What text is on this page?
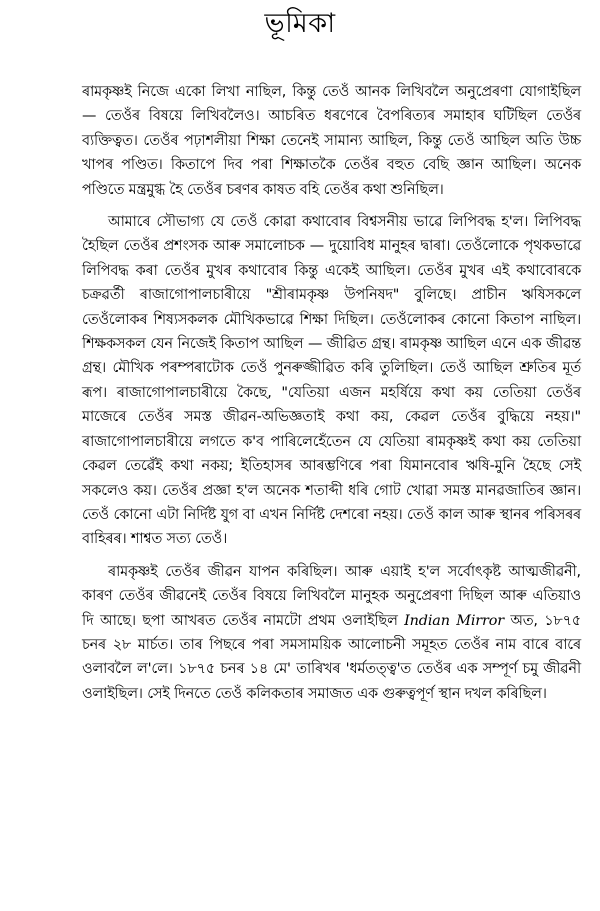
ভূমিকা

ৰামকৃষ্ণই নিজে একো লিখা নাছিল, কিন্তু তেওঁ আনক লিখিবলৈ অনুপ্ৰেৰণা যোগাইছিল — তেওঁৰ বিষয়ে লিখিবলৈও। আচৰিত ধৰণেৰে বৈপৰিত্যৰ সমাহাৰ ঘটিছিল তেওঁৰ ব্যক্তিত্বত। তেওঁৰ পঢ়াশলীয়া শিক্ষা তেনেই সামান্য আছিল, কিন্তু তেওঁ আছিল অতি উচ্চ খাপৰ পণ্ডিত। কিতাপে দিব পৰা শিক্ষাতকৈ তেওঁৰ বহুত বেছি জ্ঞান আছিল। অনেক পণ্ডিতে মন্ত্ৰমুগ্ধ হৈ তেওঁৰ চৰণৰ কাষত বহি তেওঁৰ কথা শুনিছিল।

আমাৰে সৌভাগ্য যে তেওঁ কোৱা কথাবোৰ বিশ্বসনীয় ভাৱে লিপিবদ্ধ হ'ল। লিপিবদ্ধ হৈছিল তেওঁৰ প্ৰশংসক আৰু সমালোচক — দুয়োবিধ মানুহৰ দ্বাৰা। তেওঁলোকে পৃথকভাৱে লিপিবদ্ধ কৰা তেওঁৰ মুখৰ কথাবোৰ কিন্তু একেই আছিল। তেওঁৰ মুখৰ এই কথাবোৰকে চক্ৰৱৰ্তী ৰাজাগোপালচাৰীয়ে "শ্ৰীৰামকৃষ্ণ উপনিষদ" বুলিছে। প্ৰাচীন ঋষিসকলে তেওঁলোকৰ শিষ্যসকলক মৌখিকভাৱে শিক্ষা দিছিল। তেওঁলোকৰ কোনো কিতাপ নাছিল। শিক্ষকসকল যেন নিজেই কিতাপ আছিল — জীৱিত গ্ৰন্থ। ৰামকৃষ্ণ আছিল এনে এক জীৱন্ত গ্ৰন্থ। মৌখিক পৰম্পৰাটোক তেওঁ পুনৰুজ্জীৱিত কৰি তুলিছিল। তেওঁ আছিল শ্ৰুতিৰ মূৰ্ত ৰূপ। ৰাজাগোপালচাৰীয়ে কৈছে, "যেতিয়া এজন মহৰ্ষিয়ে কথা কয় তেতিয়া তেওঁৰ মাজেৰে তেওঁৰ সমস্ত জীৱন-অভিজ্ঞতাই কথা কয়, কেৱল তেওঁৰ বুদ্ধিয়ে নহয়।" ৰাজাগোপালচাৰীয়ে লগতে ক'ব পাৰিলেহেঁতেন যে যেতিয়া ৰামকৃষ্ণই কথা কয় তেতিয়া কেৱল তেৱেঁই কথা নকয়; ইতিহাসৰ আৰম্ভণিৰে পৰা যিমানবোৰ ঋষি-মুনি হৈছে সেই সকলেও কয়। তেওঁৰ প্ৰজ্ঞা হ'ল অনেক শতাব্দী ধৰি গোট খোৱা সমস্ত মানৱজাতিৰ জ্ঞান। তেওঁ কোনো এটা নিৰ্দিষ্ট যুগ বা এখন নিৰ্দিষ্ট দেশৰো নহয়। তেওঁ কাল আৰু স্থানৰ পৰিসৰৰ বাহিৰৰ। শাশ্বত সত্য তেওঁ।

ৰামকৃষ্ণই তেওঁৰ জীৱন যাপন কৰিছিল। আৰু এয়াই হ'ল সৰ্বোৎকৃষ্ট আত্মজীৱনী, কাৰণ তেওঁৰ জীৱনেই তেওঁৰ বিষয়ে লিখিবলৈ মানুহক অনুপ্ৰেৰণা দিছিল আৰু এতিয়াও দি আছে। ছপা আখৰত তেওঁৰ নামটো প্ৰথম ওলাইছিল Indian Mirror অত, ১৮৭৫ চনৰ ২৮ মাৰ্চত। তাৰ পিছৰে পৰা সমসাময়িক আলোচনী সমূহত তেওঁৰ নাম বাৰে বাৰে ওলাবলৈ ল'লে। ১৮৭৫ চনৰ ১৪ মে' তাৰিখৰ 'ধৰ্মতত্ত্ব'ত তেওঁৰ এক সম্পূৰ্ণ চমু জীৱনী ওলাইছিল। সেই দিনতে তেওঁ কলিকতাৰ সমাজত এক গুৰুত্বপূৰ্ণ স্থান দখল কৰিছিল।
